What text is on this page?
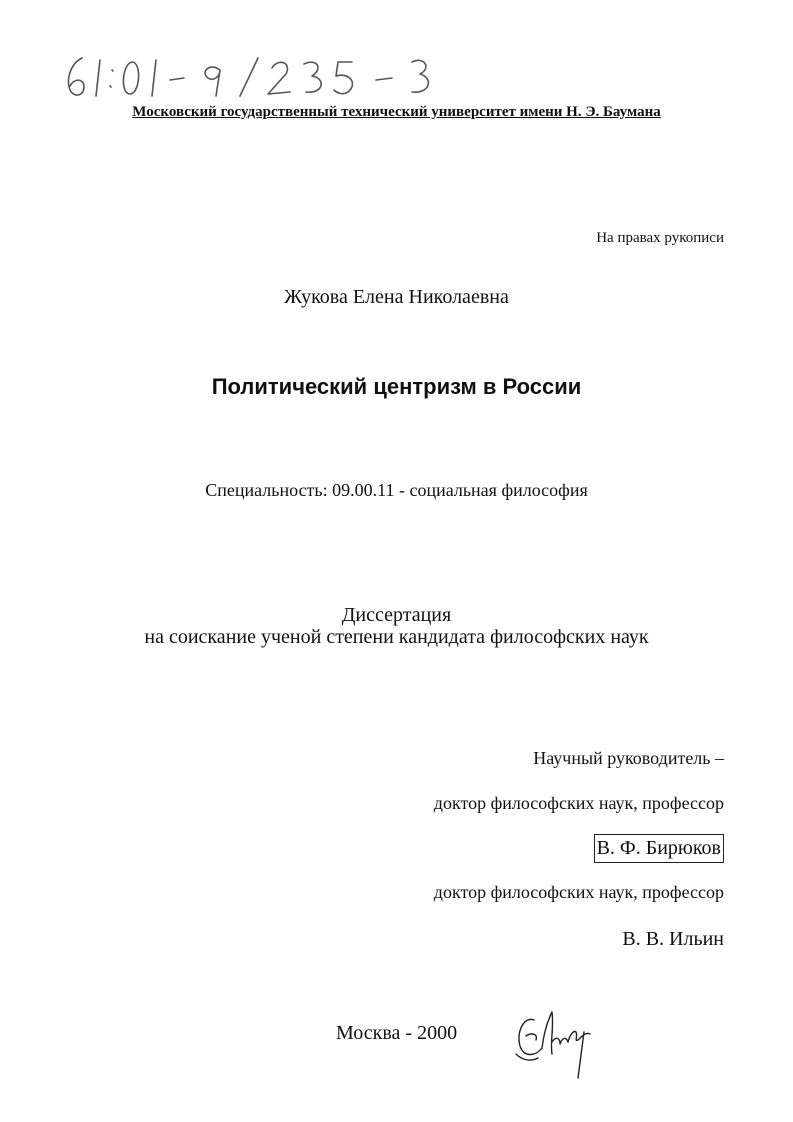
Московский государственный технический университет имени Н. Э. Баумана
На правах рукописи
Жукова Елена Николаевна
Политический центризм в России
Специальность: 09.00.11 - социальная философия
Диссертация
на соискание ученой степени кандидата философских наук
Научный руководитель –
доктор философских наук, профессор
В. Ф. Бирюков
доктор философских наук, профессор
В. В. Ильин
Москва - 2000
